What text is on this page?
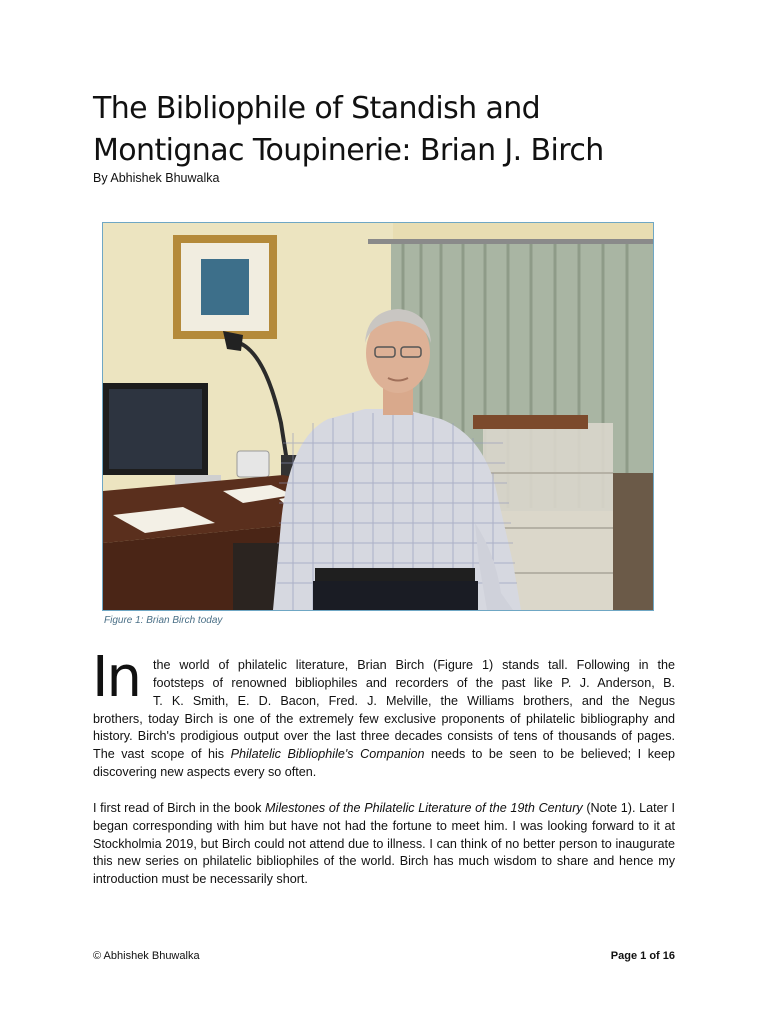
The Bibliophile of Standish and Montignac Toupinerie: Brian J. Birch
By Abhishek Bhuwalka
Figure 1: Brian Birch today
In the world of philatelic literature, Brian Birch (Figure 1) stands tall. Following in the
footsteps of renowned bibliophiles and recorders of the past like P. J. Anderson, B.
T. K. Smith, E. D. Bacon, Fred. J. Melville, the Williams brothers, and the Negus
brothers, today Birch is one of the extremely few exclusive proponents of philatelic bibliography and history. Birch's prodigious output over the last three decades consists of tens of thousands of pages. The vast scope of his Philatelic Bibliophile's Companion needs to be seen to be believed; I keep discovering new aspects every so often.
I first read of Birch in the book Milestones of the Philatelic Literature of the 19th Century (Note 1). Later I began corresponding with him but have not had the fortune to meet him. I was looking forward to it at Stockholmia 2019, but Birch could not attend due to illness. I can think of no better person to inaugurate this new series on philatelic bibliophiles of the world. Birch has much wisdom to share and hence my introduction must be necessarily short.
© Abhishek Bhuwalka	Page 1 of 16
